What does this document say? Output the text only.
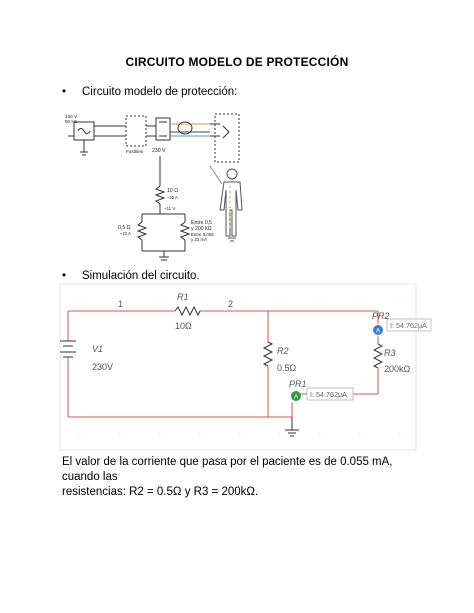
CIRCUITO MODELO DE PROTECCIÓN
• Circuito modelo de protección:
230 V
50 Hz
Fusibles 230 V
10 Ω
~22 A
~11 V
0,5 Ω
~22 A
Entre 0,5
y 200 kΩ
Entre 0,055
y 22 mA
• Simulación del circuito.
A
I: 54.762μA
A I: 54.762μA
1	2
R1
10Ω
V1
230V
R2
0.5Ω
R3
200kΩ
PR1
PR2
El valor de la corriente que pasa por el paciente es de 0.055 mA, cuando las
resistencias: R2 = 0.5Ω y R3 = 200kΩ.
